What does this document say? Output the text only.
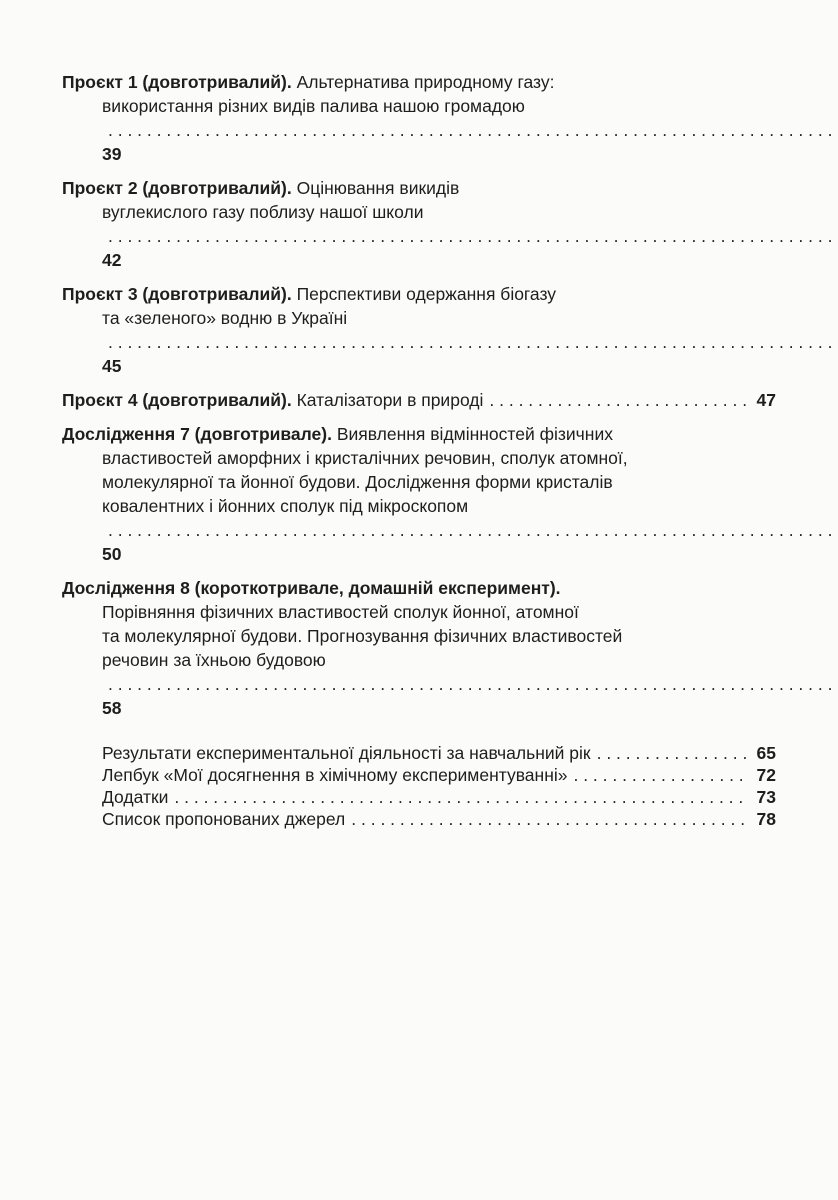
Проєкт 1 (довготривалий). Альтернатива природному газу:
використання різних видів палива нашою громадою . . . 39
Проєкт 2 (довготривалий). Оцінювання викидів
вуглекислого газу поблизу нашої школи . . . 42
Проєкт 3 (довготривалий). Перспективи одержання біогазу
та «зеленого» водню в Україні . . . 45
Проєкт 4 (довготривалий). Каталізатори в природі . . .	47
Дослідження 7 (довготривале). Виявлення відмінностей фізичних
властивостей аморфних і кристалічних речовин, сполук атомної,
молекулярної та йонної будови. Дослідження форми кристалів
ковалентних і йонних сполук під мікроскопом . . . 50
Дослідження 8 (короткотривале, домашній експеримент).
Порівняння фізичних властивостей сполук йонної, атомної
та молекулярної будови. Прогнозування фізичних властивостей
речовин за їхньою будовою . . . 58
Результати експериментальної діяльності за навчальний рік . . .	65
Лепбук «Мої досягнення в хімічному експериментуванні» . . .	72
Додатки . . .	73
Список пропонованих джерел . . .	78
